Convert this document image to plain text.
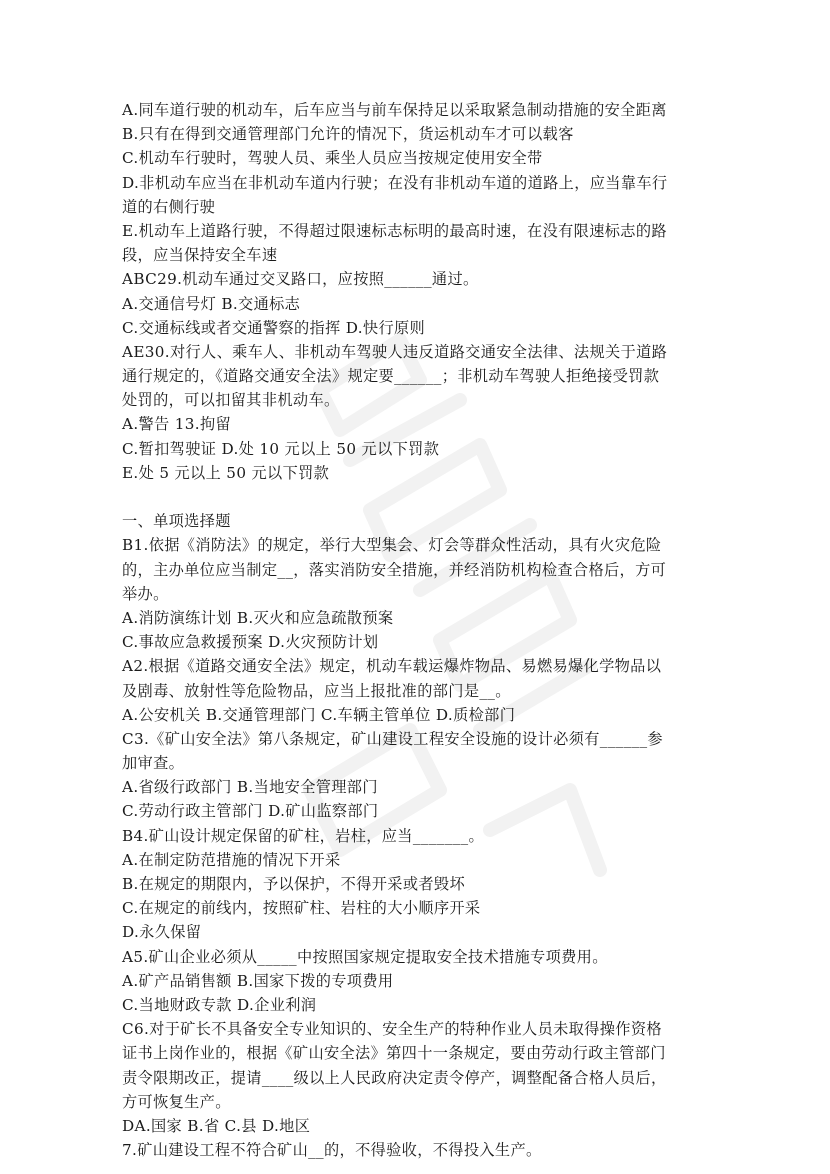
A.同车道行驶的机动车，后车应当与前车保持足以采取紧急制动措施的安全距离
B.只有在得到交通管理部门允许的情况下，货运机动车才可以载客
C.机动车行驶时，驾驶人员、乘坐人员应当按规定使用安全带
D.非机动车应当在非机动车道内行驶；在没有非机动车道的道路上，应当靠车行
道的右侧行驶
E.机动车上道路行驶，不得超过限速标志标明的最高时速，在没有限速标志的路
段，应当保持安全车速
ABC29.机动车通过交叉路口，应按照______通过。
A.交通信号灯 B.交通标志
C.交通标线或者交通警察的指挥 D.快行原则
AE30.对行人、乘车人、非机动车驾驶人违反道路交通安全法律、法规关于道路
通行规定的，《道路交通安全法》规定要______；非机动车驾驶人拒绝接受罚款
处罚的，可以扣留其非机动车。
A.警告 13.拘留
C.暂扣驾驶证 D.处 10 元以上 50 元以下罚款
E.处 5 元以上 50 元以下罚款
一、单项选择题
B1.依据《消防法》的规定，举行大型集会、灯会等群众性活动，具有火灾危险
的，主办单位应当制定__，落实消防安全措施，并经消防机构检查合格后，方可
举办。
A.消防演练计划 B.灭火和应急疏散预案
C.事故应急救援预案 D.火灾预防计划
A2.根据《道路交通安全法》规定，机动车载运爆炸物品、易燃易爆化学物品以
及剧毒、放射性等危险物品，应当上报批准的部门是__。
A.公安机关 B.交通管理部门 C.车辆主管单位 D.质检部门
C3.《矿山安全法》第八条规定，矿山建设工程安全设施的设计必须有______参
加审查。
A.省级行政部门 B.当地安全管理部门
C.劳动行政主管部门 D.矿山监察部门
B4.矿山设计规定保留的矿柱，岩柱，应当_______。
A.在制定防范措施的情况下开采
B.在规定的期限内，予以保护，不得开采或者毁坏
C.在规定的前线内，按照矿柱、岩柱的大小顺序开采
D.永久保留
A5.矿山企业必须从_____中按照国家规定提取安全技术措施专项费用。
A.矿产品销售额 B.国家下拨的专项费用
C.当地财政专款 D.企业利润
C6.对于矿长不具备安全专业知识的、安全生产的特种作业人员未取得操作资格
证书上岗作业的，根据《矿山安全法》第四十一条规定，要由劳动行政主管部门
责令限期改正，提请____级以上人民政府决定责令停产，调整配备合格人员后，
方可恢复生产。
DA.国家 B.省 C.县 D.地区
7.矿山建设工程不符合矿山__的，不得验收，不得投入生产。
